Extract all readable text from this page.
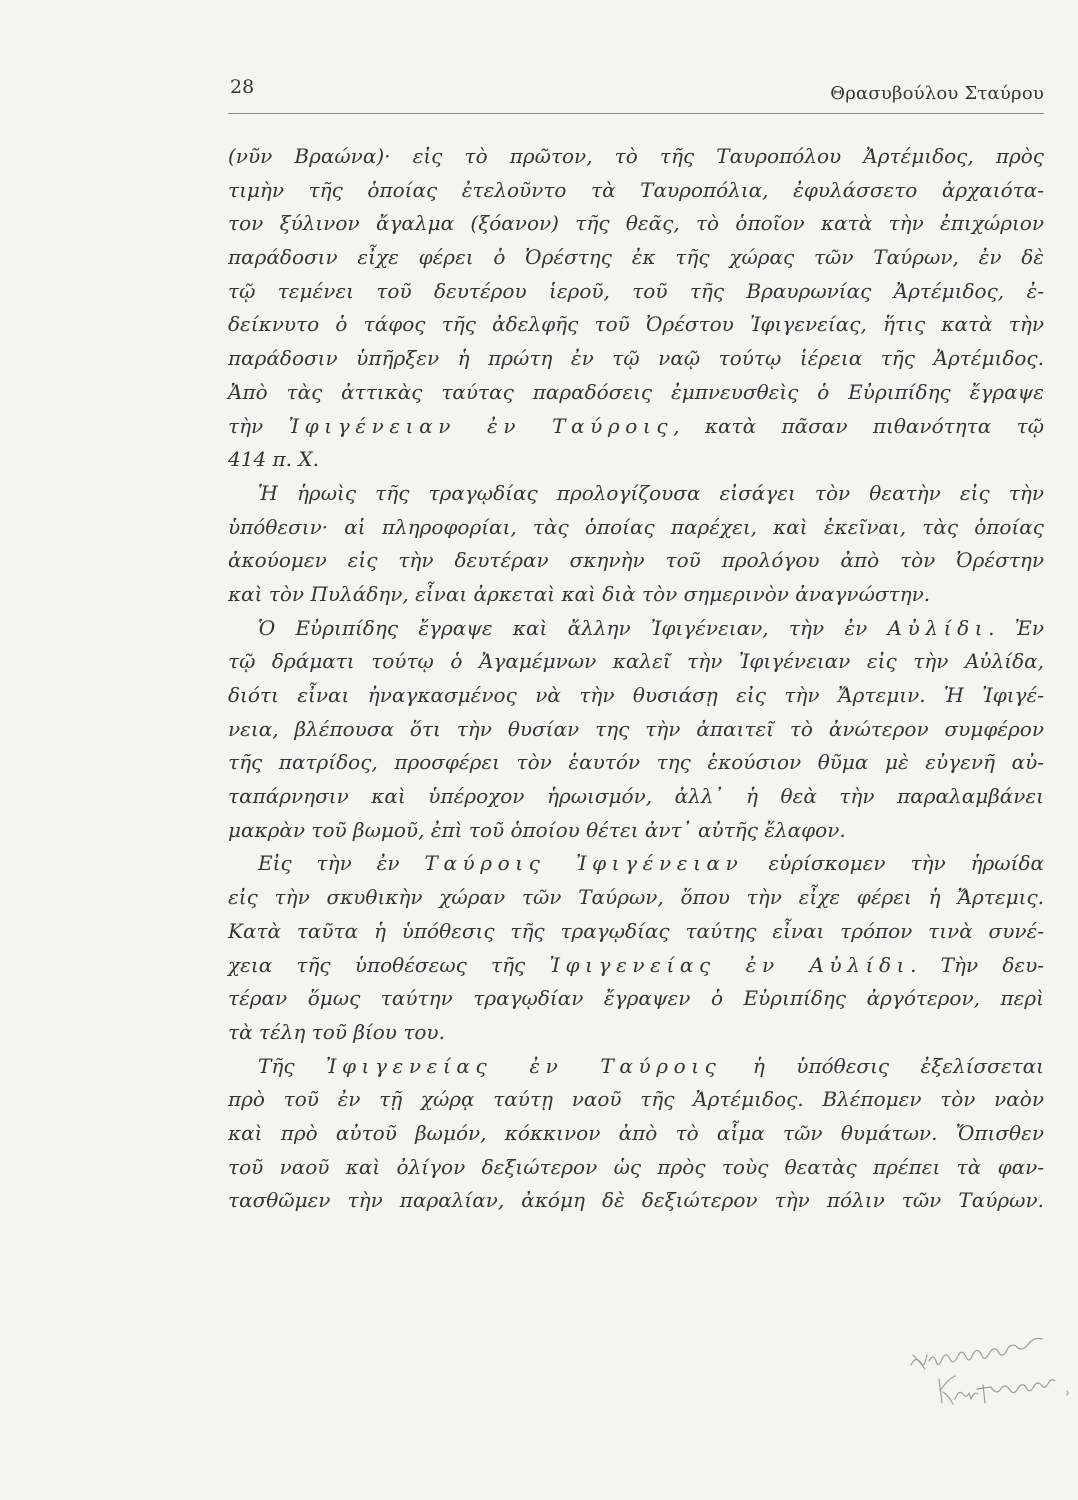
28	Θρασυβούλου Σταύρου
(νῦν Βραώνα)· εἰς τὸ πρῶτον, τὸ τῆς Ταυροπόλου Ἀρτέμιδος, πρὸς
τιμὴν τῆς ὁποίας ἐτελοῦντο τὰ Ταυροπόλια, ἐφυλάσσετο ἀρχαιότα-
τον ξύλινον ἄγαλμα (ξόανον) τῆς θεᾶς, τὸ ὁποῖον κατὰ τὴν ἐπιχώριον
παράδοσιν εἶχε φέρει ὁ Ὀρέστης ἐκ τῆς χώρας τῶν Ταύρων, ἐν δὲ
τῷ τεμένει τοῦ δευτέρου ἱεροῦ, τοῦ τῆς Βραυρωνίας Ἀρτέμιδος, ἐ-
δείκνυτο ὁ τάφος τῆς ἀδελφῆς τοῦ Ὀρέστου Ἰφιγενείας, ἥτις κατὰ τὴν
παράδοσιν ὑπῆρξεν ἡ πρώτη ἐν τῷ ναῷ τούτῳ ἱέρεια τῆς Ἀρτέμιδος.
Ἀπὸ τὰς ἀττικὰς ταύτας παραδόσεις ἐμπνευσθεὶς ὁ Εὐριπίδης ἔγραψε
τὴν Ἰφιγένειαν ἐν Ταύροις, κατὰ πᾶσαν πιθανότητα τῷ
414 π. Χ.
Ἡ ἡρωὶς τῆς τραγῳδίας προλογίζουσα εἰσάγει τὸν θεατὴν εἰς τὴν
ὑπόθεσιν· αἱ πληροφορίαι, τὰς ὁποίας παρέχει, καὶ ἐκεῖναι, τὰς ὁποίας
ἀκούομεν εἰς τὴν δευτέραν σκηνὴν τοῦ προλόγου ἀπὸ τὸν Ὀρέστην
καὶ τὸν Πυλάδην, εἶναι ἀρκεταὶ καὶ διὰ τὸν σημερινὸν ἀναγνώστην.
Ὁ Εὐριπίδης ἔγραψε καὶ ἄλλην Ἰφιγένειαν, τὴν ἐν Αὐλίδι. Ἐν
τῷ δράματι τούτῳ ὁ Ἀγαμέμνων καλεῖ τὴν Ἰφιγένειαν εἰς τὴν Αὐλίδα,
διότι εἶναι ἠναγκασμένος νὰ τὴν θυσιάσῃ εἰς τὴν Ἄρτεμιν. Ἡ Ἰφιγέ-
νεια, βλέπουσα ὅτι τὴν θυσίαν της τὴν ἀπαιτεῖ τὸ ἀνώτερον συμφέρον
τῆς πατρίδος, προσφέρει τὸν ἑαυτόν της ἑκούσιον θῦμα μὲ εὐγενῆ αὐ-
ταπάρνησιν καὶ ὑπέροχον ἡρωισμόν, ἀλλ᾽ ἡ θεὰ τὴν παραλαμβάνει
μακρὰν τοῦ βωμοῦ, ἐπὶ τοῦ ὁποίου θέτει ἀντ᾽ αὐτῆς ἔλαφον.
Εἰς τὴν ἐν Ταύροις Ἰφιγένειαν εὑρίσκομεν τὴν ἡρωίδα
εἰς τὴν σκυθικὴν χώραν τῶν Ταύρων, ὅπου τὴν εἶχε φέρει ἡ Ἄρτεμις.
Κατὰ ταῦτα ἡ ὑπόθεσις τῆς τραγῳδίας ταύτης εἶναι τρόπον τινὰ συνέ-
χεια τῆς ὑποθέσεως τῆς Ἰφιγενείας ἐν Αὐλίδι. Τὴν δευ-
τέραν ὅμως ταύτην τραγῳδίαν ἔγραψεν ὁ Εὐριπίδης ἀργότερον, περὶ
τὰ τέλη τοῦ βίου του.
Τῆς Ἰφιγενείας ἐν Ταύροις ἡ ὑπόθεσις ἐξελίσσεται
πρὸ τοῦ ἐν τῇ χώρᾳ ταύτῃ ναοῦ τῆς Ἀρτέμιδος. Βλέπομεν τὸν ναὸν
καὶ πρὸ αὐτοῦ βωμόν, κόκκινον ἀπὸ τὸ αἷμα τῶν θυμάτων. Ὄπισθεν
τοῦ ναοῦ καὶ ὀλίγον δεξιώτερον ὡς πρὸς τοὺς θεατὰς πρέπει τὰ φαν-
τασθῶμεν τὴν παραλίαν, ἀκόμη δὲ δεξιώτερον τὴν πόλιν τῶν Ταύρων.
